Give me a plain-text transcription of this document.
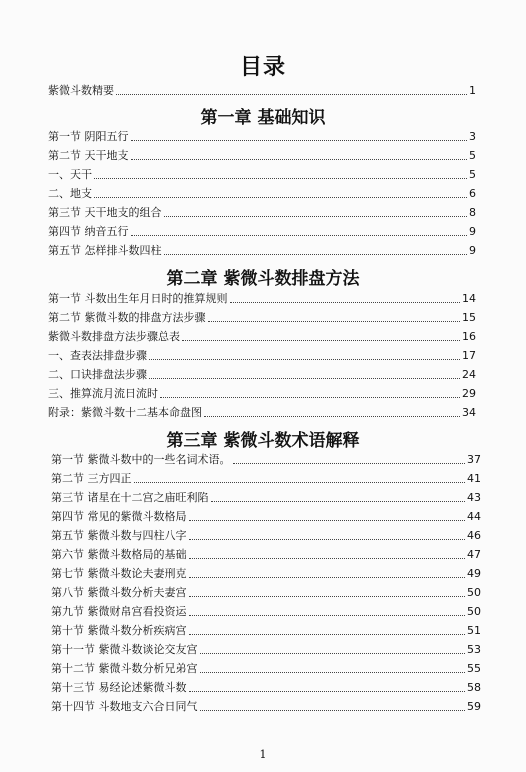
目录
紫微斗数精要	1
第一章 基础知识
第一节 阴阳五行	3
第二节 天干地支	5
一、天干	5
二、地支	6
第三节 天干地支的组合	8
第四节 纳音五行	9
第五节 怎样排斗数四柱	9
第二章 紫微斗数排盘方法
第一节 斗数出生年月日时的推算规则	14
第二节 紫微斗数的排盘方法步骤	15
紫微斗数排盘方法步骤总表	16
一、查表法排盘步骤	17
二、口诀排盘法步骤	24
三、推算流月流日流时	29
附录：紫微斗数十二基本命盘图	34
第三章 紫微斗数术语解释
第一节 紫微斗数中的一些名词术语。	37
第二节 三方四正	41
第三节 诸星在十二宫之庙旺利陷	43
第四节 常见的紫微斗数格局	44
第五节 紫微斗数与四柱八字	46
第六节 紫微斗数格局的基础	47
第七节 紫微斗数论夫妻刑克	49
第八节 紫微斗数分析夫妻宫	50
第九节 紫微财帛宫看投资运	50
第十节 紫微斗数分析疾病宫	51
第十一节 紫微斗数谈论交友宫	53
第十二节 紫微斗数分析兄弟宫	55
第十三节 易经论述紫微斗数	58
第十四节 斗数地支六合日同气	59
1
